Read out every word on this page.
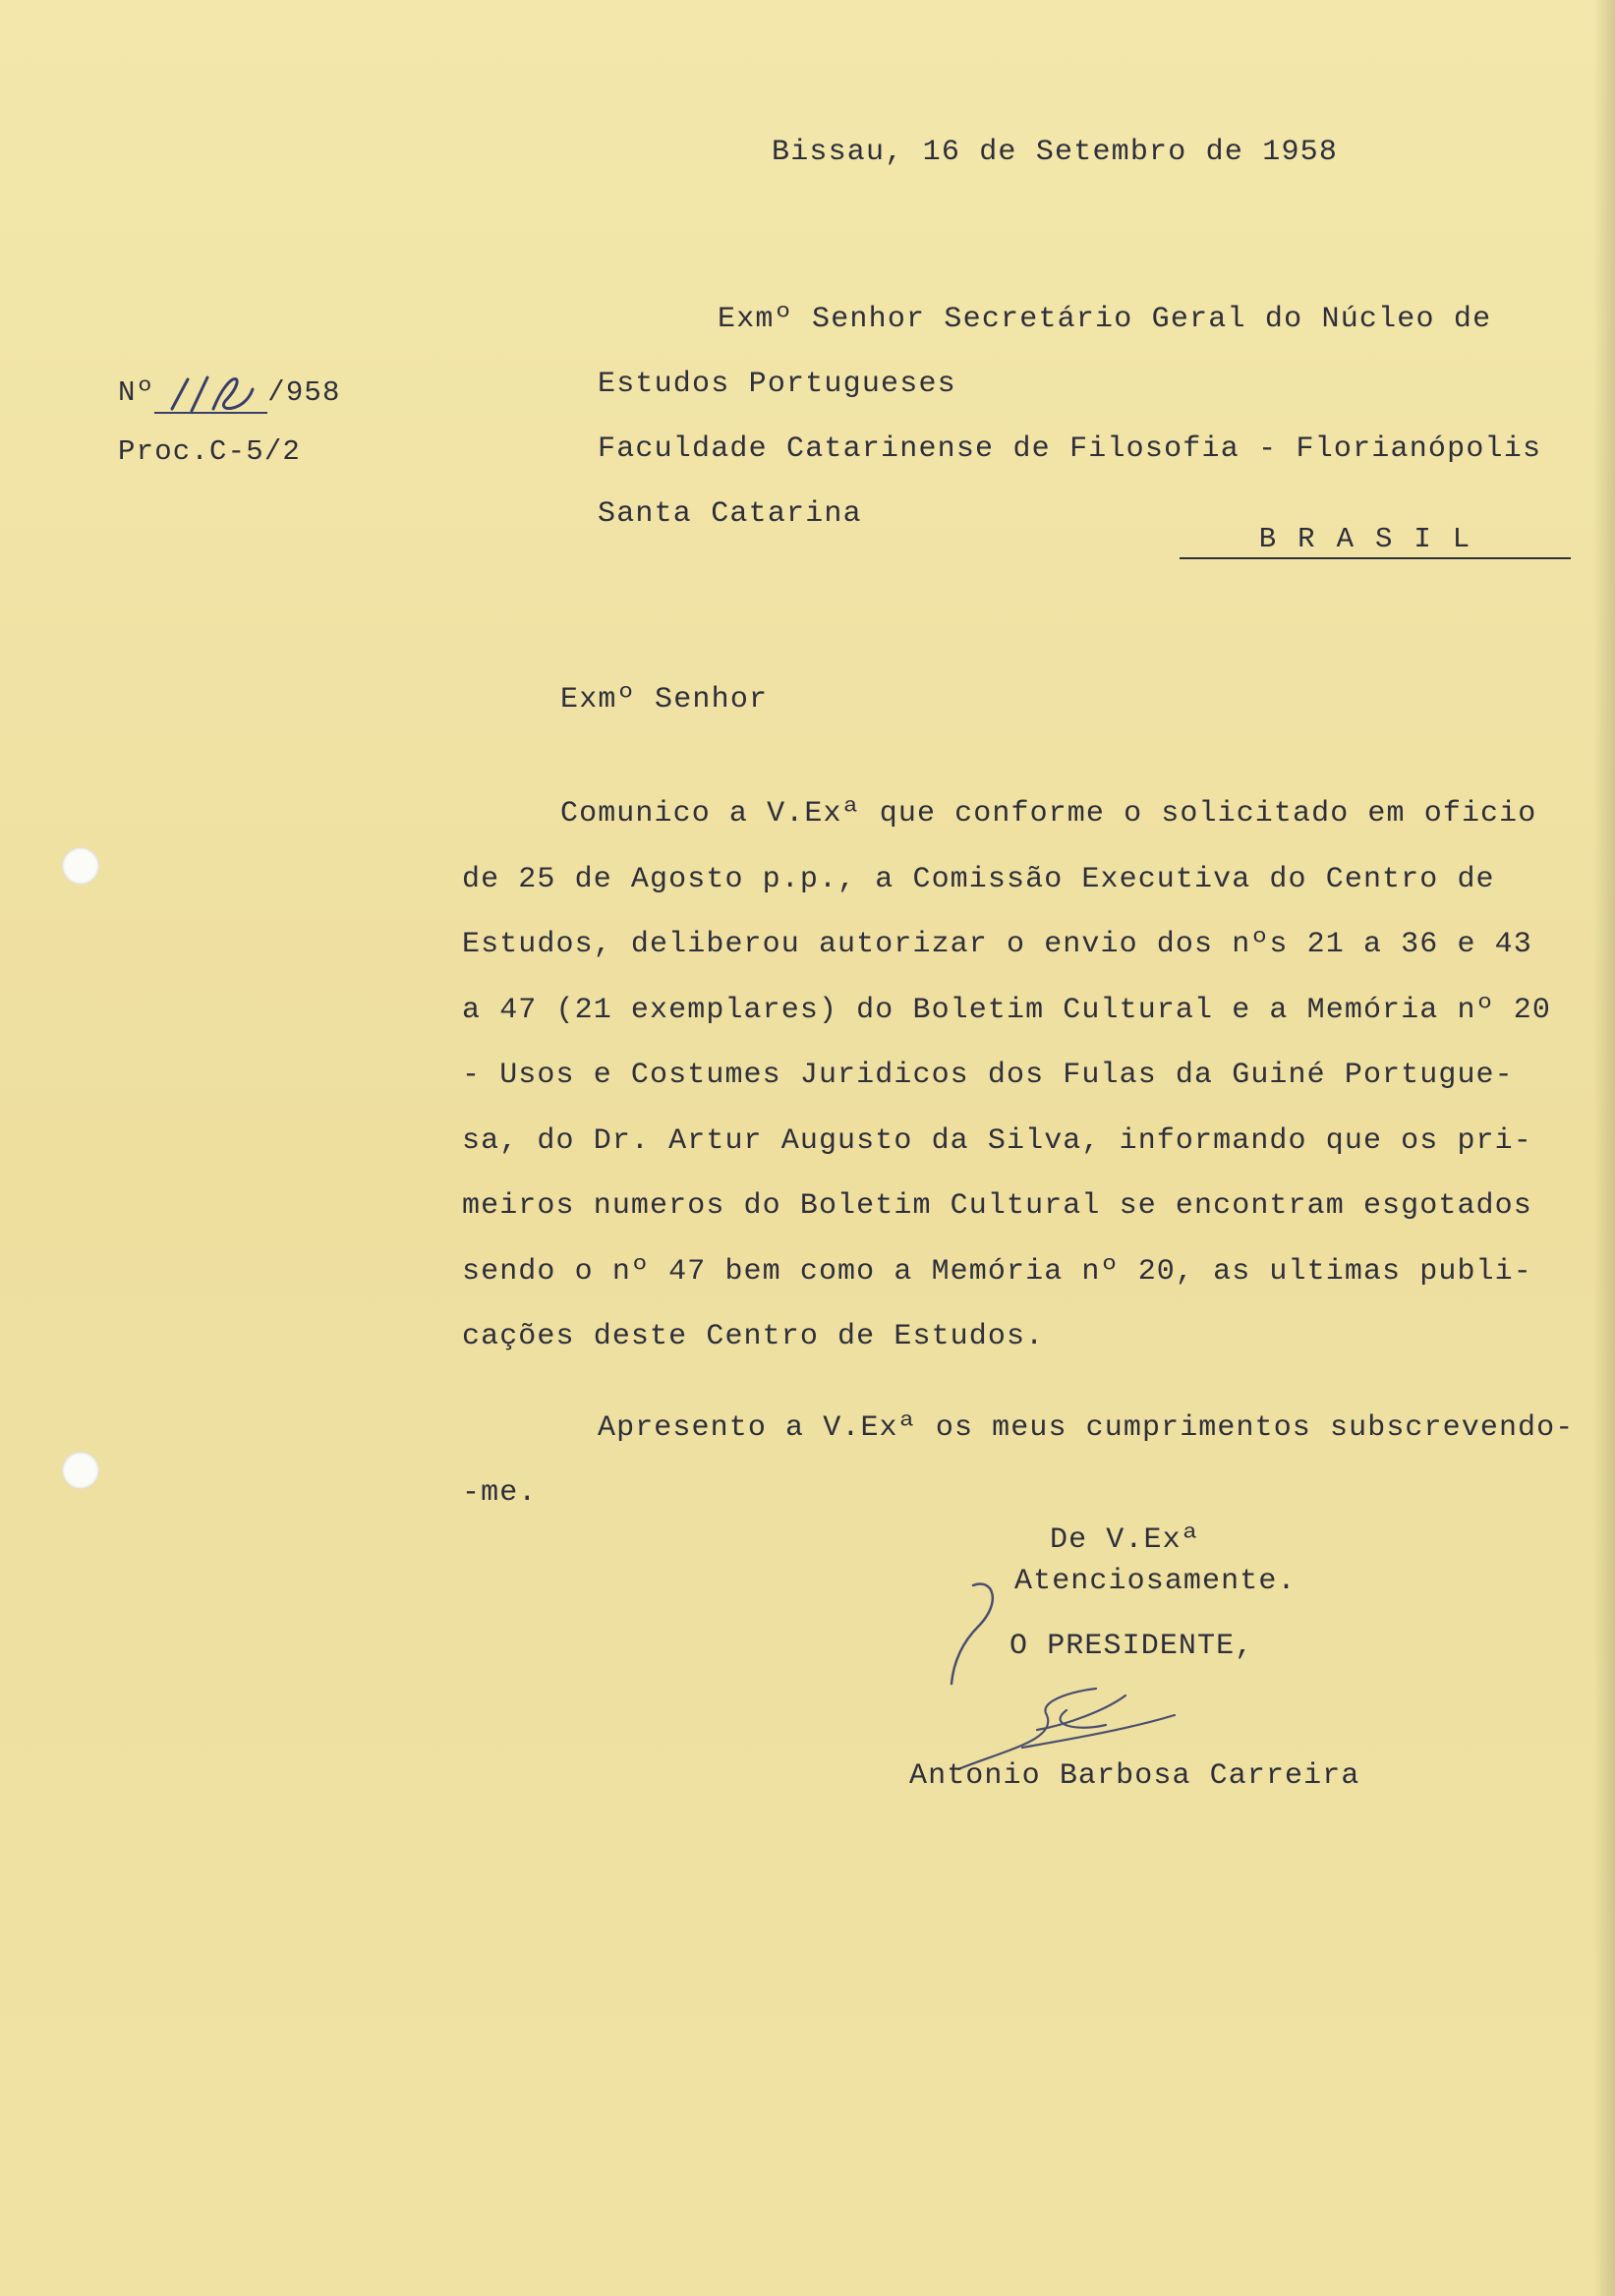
Bissau, 16 de Setembro de 1958
Nº	/958
Proc.C-5/2
Exmº Senhor Secretário Geral do Núcleo de
Estudos Portugueses
Faculdade Catarinense de Filosofia - Florianópolis
Santa Catarina
BRASIL
Exmº Senhor
Comunico a V.Exª que conforme o solicitado em oficio
de 25 de Agosto p.p., a Comissão Executiva do Centro de
Estudos, deliberou autorizar o envio dos nºs 21 a 36 e 43
a 47 (21 exemplares) do Boletim Cultural e a Memória nº 20
- Usos e Costumes Juridicos dos Fulas da Guiné Portugue-
sa, do Dr. Artur Augusto da Silva, informando que os pri-
meiros numeros do Boletim Cultural se encontram esgotados
sendo o nº 47 bem como a Memória nº 20, as ultimas publi-
cações deste Centro de Estudos.
Apresento a V.Exª os meus cumprimentos subscrevendo-
-me.
De V.Exª
Atenciosamente.
O PRESIDENTE,
Antonio Barbosa Carreira
